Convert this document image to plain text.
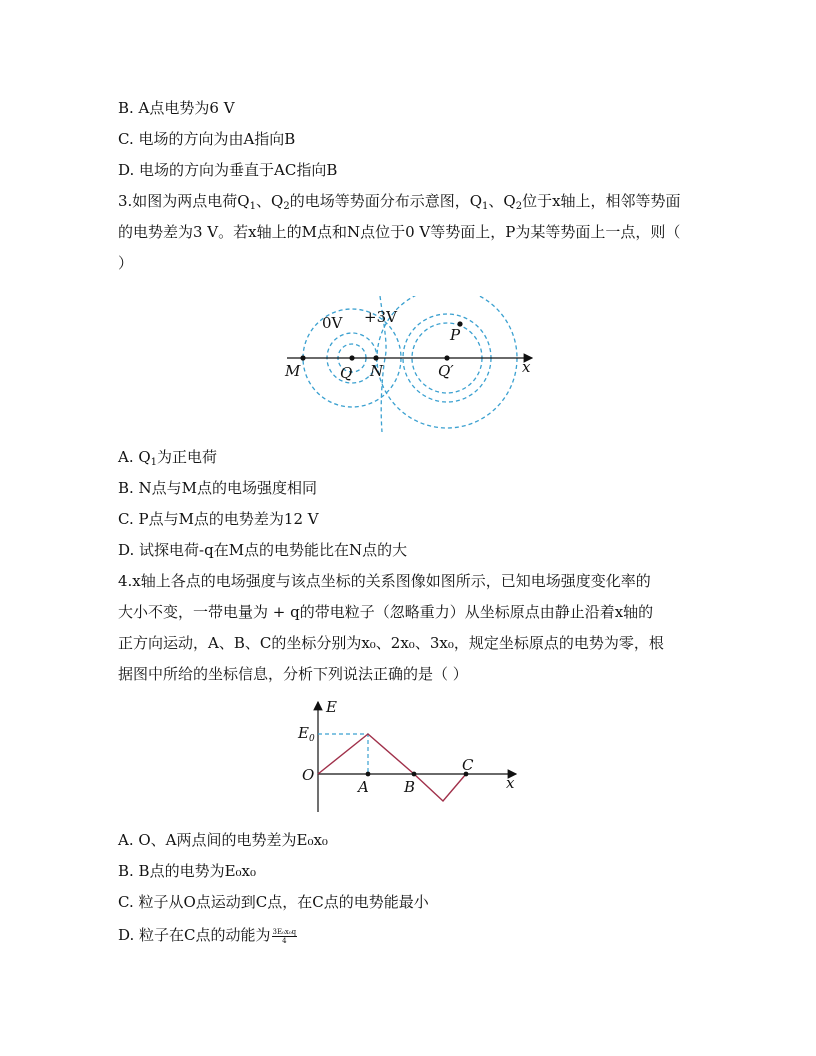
B. A点电势为6 V
C. 电场的方向为由A指向B
D. 电场的方向为垂直于AC指向B
3.如图为两点电荷$Q_1$、$Q_2$的电场等势面分布示意图，$Q_1$、$Q_2$位于x轴上，相邻等势面
的电势差为3 V。若x轴上的M点和N点位于0 V等势面上，P为某等势面上一点，则（
）
0V +3V
P
M	Q N	Q′	x
A. $Q_1$为正电荷
B. N点与M点的电场强度相同
C. P点与M点的电势差为12 V
D. 试探电荷-q在M点的电势能比在N点的大
4.x轴上各点的电场强度与该点坐标的关系图像如图所示，已知电场强度变化率的
大小不变，一带电量为 + q的带电粒子（忽略重力）从坐标原点由静止沿着x轴的
正方向运动，A、B、C的坐标分别为x₀、2x₀、3x₀，规定坐标原点的电势为零，根
据图中所给的坐标信息，分析下列说法正确的是（ ）
E
$E_0$
O
A B
C
x
A. O、A两点间的电势差为E₀x₀
B. B点的电势为E₀x₀
C. 粒子从O点运动到C点，在C点的电势能最小
D. 粒子在C点的动能为 $\frac{\text{3E₀x₀q}}{4}$
